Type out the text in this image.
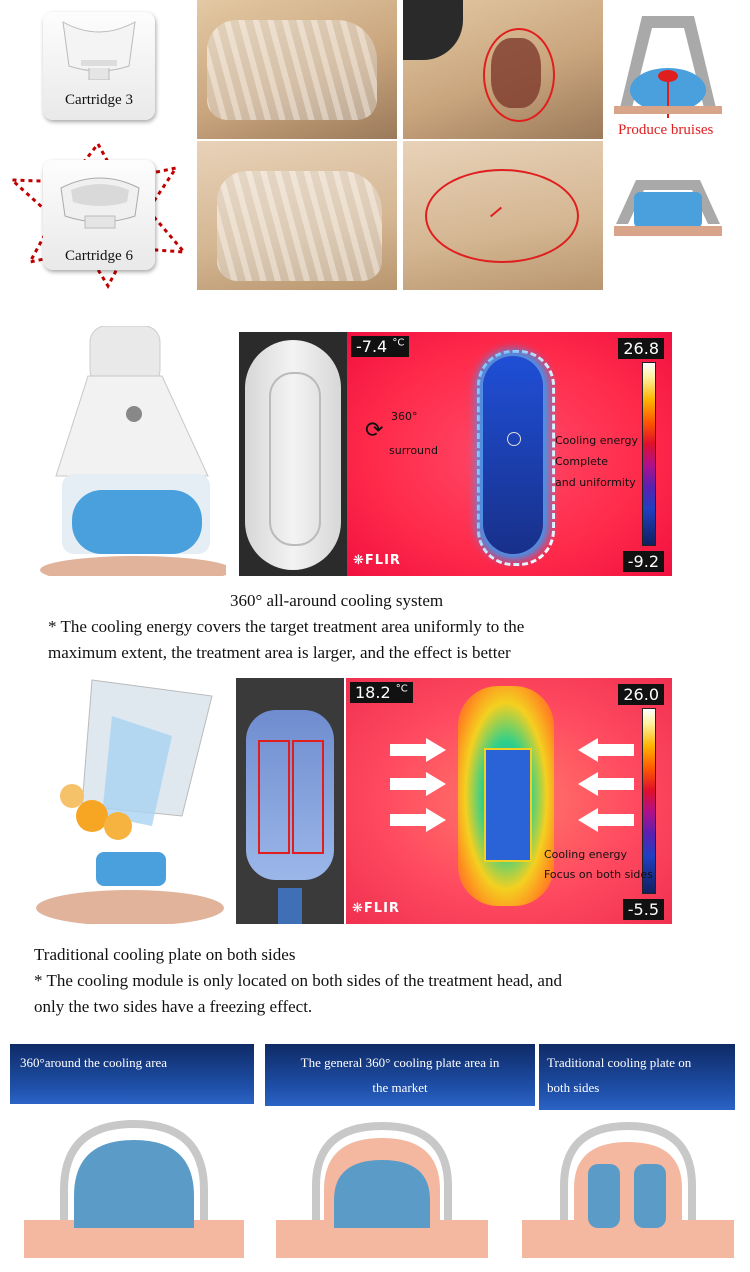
Cartridge 3
Cartridge 6
Produce bruises
-7.4 $^{^\circ C}$	26.8
-9.2
⟳
360°
surround
Cooling energy
Complete
and uniformity
❋FLIR
360° all-around cooling system
* The cooling energy covers the target treatment area uniformly to the
maximum extent, the treatment area is larger, and the effect is better
18.2 $^{^\circ C}$	26.0
-5.5
Cooling energy
Focus on both sides
❋FLIR
Traditional cooling plate on both sides
* The cooling module is only located on both sides of the treatment head, and
only the two sides have a freezing effect.
360°around the cooling area	The general 360° cooling plate area in
the market
Traditional cooling plate on
both sides
